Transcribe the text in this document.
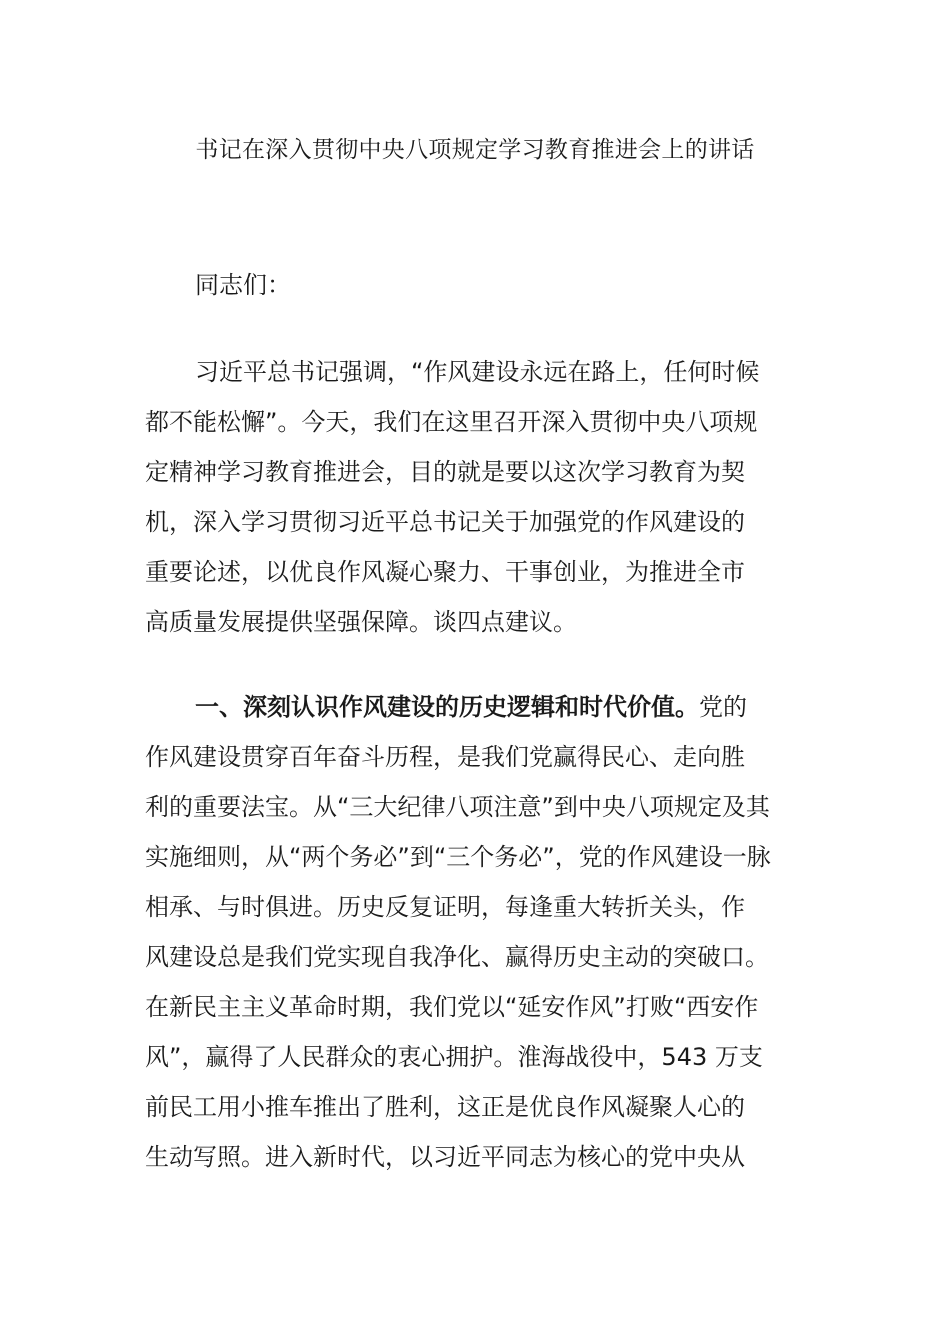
书记在深入贯彻中央八项规定学习教育推进会上的讲话

同志们：

习近平总书记强调，“作风建设永远在路上，任何时候

都不能松懈”。今天，我们在这里召开深入贯彻中央八项规

定精神学习教育推进会，目的就是要以这次学习教育为契

机，深入学习贯彻习近平总书记关于加强党的作风建设的

重要论述，以优良作风凝心聚力、干事创业，为推进全市

高质量发展提供坚强保障。谈四点建议。

一、深刻认识作风建设的历史逻辑和时代价值。党的

作风建设贯穿百年奋斗历程，是我们党赢得民心、走向胜

利的重要法宝。从“三大纪律八项注意”到中央八项规定及其

实施细则，从“两个务必”到“三个务必”，党的作风建设一脉

相承、与时俱进。历史反复证明，每逢重大转折关头，作

风建设总是我们党实现自我净化、赢得历史主动的突破口。

在新民主主义革命时期，我们党以“延安作风”打败“西安作

风”，赢得了人民群众的衷心拥护。淮海战役中，543 万支

前民工用小推车推出了胜利，这正是优良作风凝聚人心的

生动写照。进入新时代，以习近平同志为核心的党中央从
